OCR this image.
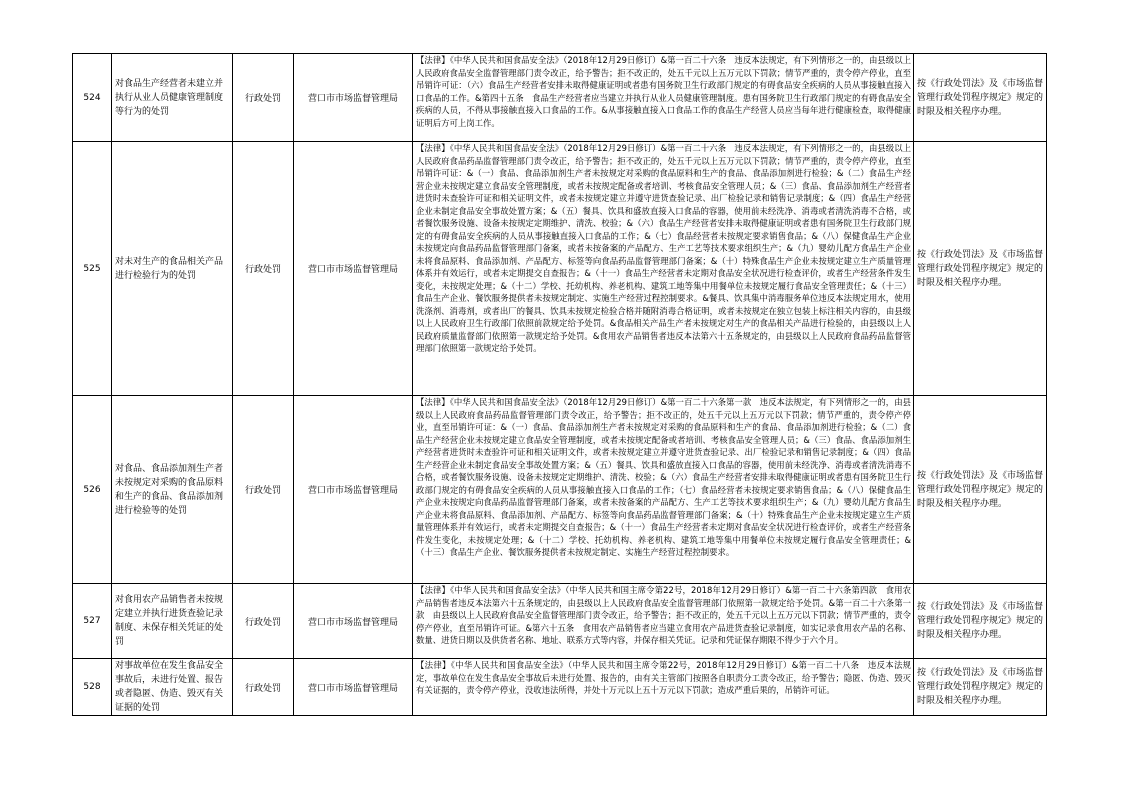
524	对食品生产经营者未建立并执行从业人员健康管理制度等行为的处罚	行政处罚	营口市市场监督管理局	【法律】《中华人民共和国食品安全法》（2018年12月29日修订）&第一百二十六条　违反本法规定，有下列情形之一的，由县级以上人民政府食品安全监督管理部门责令改正，给予警告；拒不改正的，处五千元以上五万元以下罚款；情节严重的，责令停产停业，直至吊销许可证：（六）食品生产经营者安排未取得健康证明或者患有国务院卫生行政部门规定的有碍食品安全疾病的人员从事接触直接入口食品的工作。&第四十五条　食品生产经营者应当建立并执行从业人员健康管理制度。患有国务院卫生行政部门规定的有碍食品安全疾病的人员，不得从事接触直接入口食品的工作。&从事接触直接入口食品工作的食品生产经营人员应当每年进行健康检查，取得健康证明后方可上岗工作。	按《行政处罚法》及《市场监督管理行政处罚程序规定》规定的时限及相关程序办理。
525	对未对生产的食品相关产品进行检验行为的处罚	行政处罚	营口市市场监督管理局	【法律】《中华人民共和国食品安全法》（2018年12月29日修订）&第一百二十六条　违反本法规定，有下列情形之一的，由县级以上人民政府食品药品监督管理部门责令改正，给予警告；拒不改正的，处五千元以上五万元以下罚款；情节严重的，责令停产停业，直至吊销许可证：&（一）食品、食品添加剂生产者未按规定对采购的食品原料和生产的食品、食品添加剂进行检验；&（二）食品生产经营企业未按规定建立食品安全管理制度，或者未按规定配备或者培训、考核食品安全管理人员；&（三）食品、食品添加剂生产经营者进货时未查验许可证和相关证明文件，或者未按规定建立并遵守进货查验记录、出厂检验记录和销售记录制度；&（四）食品生产经营企业未制定食品安全事故处置方案；&（五）餐具、饮具和盛放直接入口食品的容器，使用前未经洗净、消毒或者清洗消毒不合格，或者餐饮服务设施、设备未按规定定期维护、清洗、校验；&（六）食品生产经营者安排未取得健康证明或者患有国务院卫生行政部门规定的有碍食品安全疾病的人员从事接触直接入口食品的工作；&（七）食品经营者未按规定要求销售食品；&（八）保健食品生产企业未按规定向食品药品监督管理部门备案，或者未按备案的产品配方、生产工艺等技术要求组织生产；&（九）婴幼儿配方食品生产企业未将食品原料、食品添加剂、产品配方、标签等向食品药品监督管理部门备案；&（十）特殊食品生产企业未按规定建立生产质量管理体系并有效运行，或者未定期提交自查报告；&（十一）食品生产经营者未定期对食品安全状况进行检查评价，或者生产经营条件发生变化，未按规定处理；&（十二）学校、托幼机构、养老机构、建筑工地等集中用餐单位未按规定履行食品安全管理责任；&（十三）食品生产企业、餐饮服务提供者未按规定制定、实施生产经营过程控制要求。&餐具、饮具集中消毒服务单位违反本法规定用水，使用洗涤剂、消毒剂，或者出厂的餐具、饮具未按规定检验合格并随附消毒合格证明，或者未按规定在独立包装上标注相关内容的，由县级以上人民政府卫生行政部门依照前款规定给予处罚。&食品相关产品生产者未按规定对生产的食品相关产品进行检验的，由县级以上人民政府质量监督部门依照第一款规定给予处罚。&食用农产品销售者违反本法第六十五条规定的，由县级以上人民政府食品药品监督管理部门依照第一款规定给予处罚。	按《行政处罚法》及《市场监督管理行政处罚程序规定》规定的时限及相关程序办理。
526	对食品、食品添加剂生产者未按规定对采购的食品原料和生产的食品、食品添加剂进行检验等的处罚	行政处罚	营口市市场监督管理局	【法律】《中华人民共和国食品安全法》（2018年12月29日修订）&第一百二十六条第一款　违反本法规定，有下列情形之一的，由县级以上人民政府食品药品监督管理部门责令改正，给予警告；拒不改正的，处五千元以上五万元以下罚款；情节严重的，责令停产停业，直至吊销许可证：&（一）食品、食品添加剂生产者未按规定对采购的食品原料和生产的食品、食品添加剂进行检验；&（二）食品生产经营企业未按规定建立食品安全管理制度，或者未按规定配备或者培训、考核食品安全管理人员；&（三）食品、食品添加剂生产经营者进货时未查验许可证和相关证明文件，或者未按规定建立并遵守进货查验记录、出厂检验记录和销售记录制度；&（四）食品生产经营企业未制定食品安全事故处置方案；&（五）餐具、饮具和盛放直接入口食品的容器，使用前未经洗净、消毒或者清洗消毒不合格，或者餐饮服务设施、设备未按规定定期维护、清洗、校验；&（六）食品生产经营者安排未取得健康证明或者患有国务院卫生行政部门规定的有碍食品安全疾病的人员从事接触直接入口食品的工作；（七）食品经营者未按规定要求销售食品；&（八）保健食品生产企业未按规定向食品药品监督管理部门备案，或者未按备案的产品配方、生产工艺等技术要求组织生产；&（九）婴幼儿配方食品生产企业未将食品原料、食品添加剂、产品配方、标签等向食品药品监督管理部门备案；&（十）特殊食品生产企业未按规定建立生产质量管理体系并有效运行，或者未定期提交自查报告；&（十一）食品生产经营者未定期对食品安全状况进行检查评价，或者生产经营条件发生变化，未按规定处理；&（十二）学校、托幼机构、养老机构、建筑工地等集中用餐单位未按规定履行食品安全管理责任；&（十三）食品生产企业、餐饮服务提供者未按规定制定、实施生产经营过程控制要求。	按《行政处罚法》及《市场监督管理行政处罚程序规定》规定的时限及相关程序办理。
527	对食用农产品销售者未按规定建立并执行进货查验记录制度、未保存相关凭证的处罚	行政处罚	营口市市场监督管理局	【法律】《中华人民共和国食品安全法》（中华人民共和国主席令第22号，2018年12月29日修订）&第一百二十六条第四款　食用农产品销售者违反本法第六十五条规定的，由县级以上人民政府食品安全监督管理部门依照第一款规定给予处罚。&第一百二十六条第一款　由县级以上人民政府食品安全监督管理部门责令改正，给予警告；拒不改正的，处五千元以上五万元以下罚款；情节严重的，责令停产停业，直至吊销许可证。&第六十五条　食用农产品销售者应当建立食用农产品进货查验记录制度，如实记录食用农产品的名称、数量、进货日期以及供货者名称、地址、联系方式等内容，并保存相关凭证。记录和凭证保存期限不得少于六个月。	按《行政处罚法》及《市场监督管理行政处罚程序规定》规定的时限及相关程序办理。
528	对事故单位在发生食品安全事故后，未进行处置、报告或者隐匿、伪造、毁灭有关证据的处罚	行政处罚	营口市市场监督管理局	【法律】《中华人民共和国食品安全法》（中华人民共和国主席令第22号，2018年12月29日修订）&第一百二十八条　违反本法规定，事故单位在发生食品安全事故后未进行处置、报告的，由有关主管部门按照各自职责分工责令改正，给予警告；隐匿、伪造、毁灭有关证据的，责令停产停业，没收违法所得，并处十万元以上五十万元以下罚款；造成严重后果的，吊销许可证。	按《行政处罚法》及《市场监督管理行政处罚程序规定》规定的时限及相关程序办理。
